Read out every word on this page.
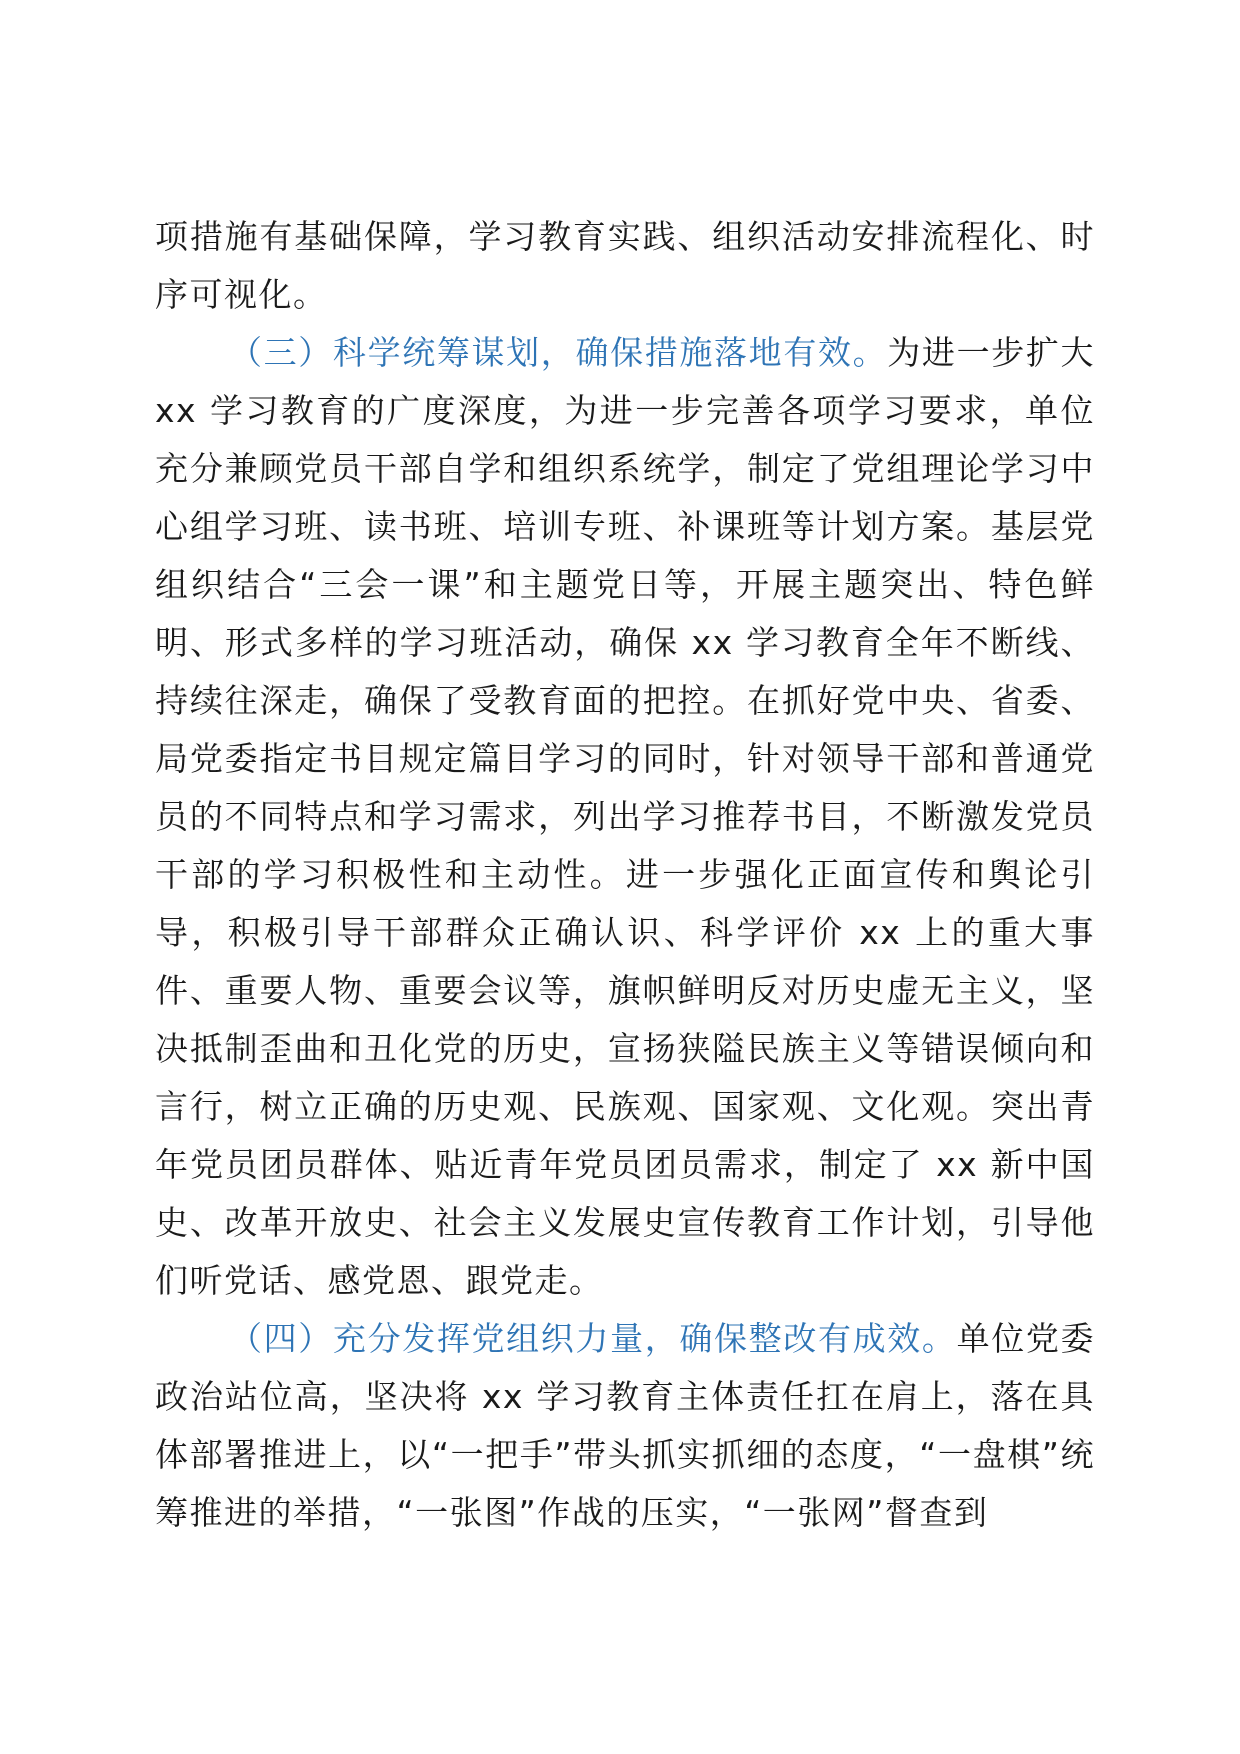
项措施有基础保障，学习教育实践、组织活动安排流程化、时序可视化。

（三）科学统筹谋划，确保措施落地有效。为进一步扩大 xx 学习教育的广度深度，为进一步完善各项学习要求，单位充分兼顾党员干部自学和组织系统学，制定了党组理论学习中心组学习班、读书班、培训专班、补课班等计划方案。基层党组织结合“三会一课”和主题党日等，开展主题突出、特色鲜明、形式多样的学习班活动，确保 xx 学习教育全年不断线、持续往深走，确保了受教育面的把控。在抓好党中央、省委、局党委指定书目规定篇目学习的同时，针对领导干部和普通党员的不同特点和学习需求，列出学习推荐书目，不断激发党员干部的学习积极性和主动性。进一步强化正面宣传和舆论引导，积极引导干部群众正确认识、科学评价 xx 上的重大事件、重要人物、重要会议等，旗帜鲜明反对历史虚无主义，坚决抵制歪曲和丑化党的历史，宣扬狭隘民族主义等错误倾向和言行，树立正确的历史观、民族观、国家观、文化观。突出青年党员团员群体、贴近青年党员团员需求，制定了 xx 新中国史、改革开放史、社会主义发展史宣传教育工作计划，引导他们听党话、感党恩、跟党走。

（四）充分发挥党组织力量，确保整改有成效。单位党委政治站位高，坚决将 xx 学习教育主体责任扛在肩上，落在具体部署推进上，以“一把手”带头抓实抓细的态度，“一盘棋”统筹推进的举措，“一张图”作战的压实，“一张网”督查到
